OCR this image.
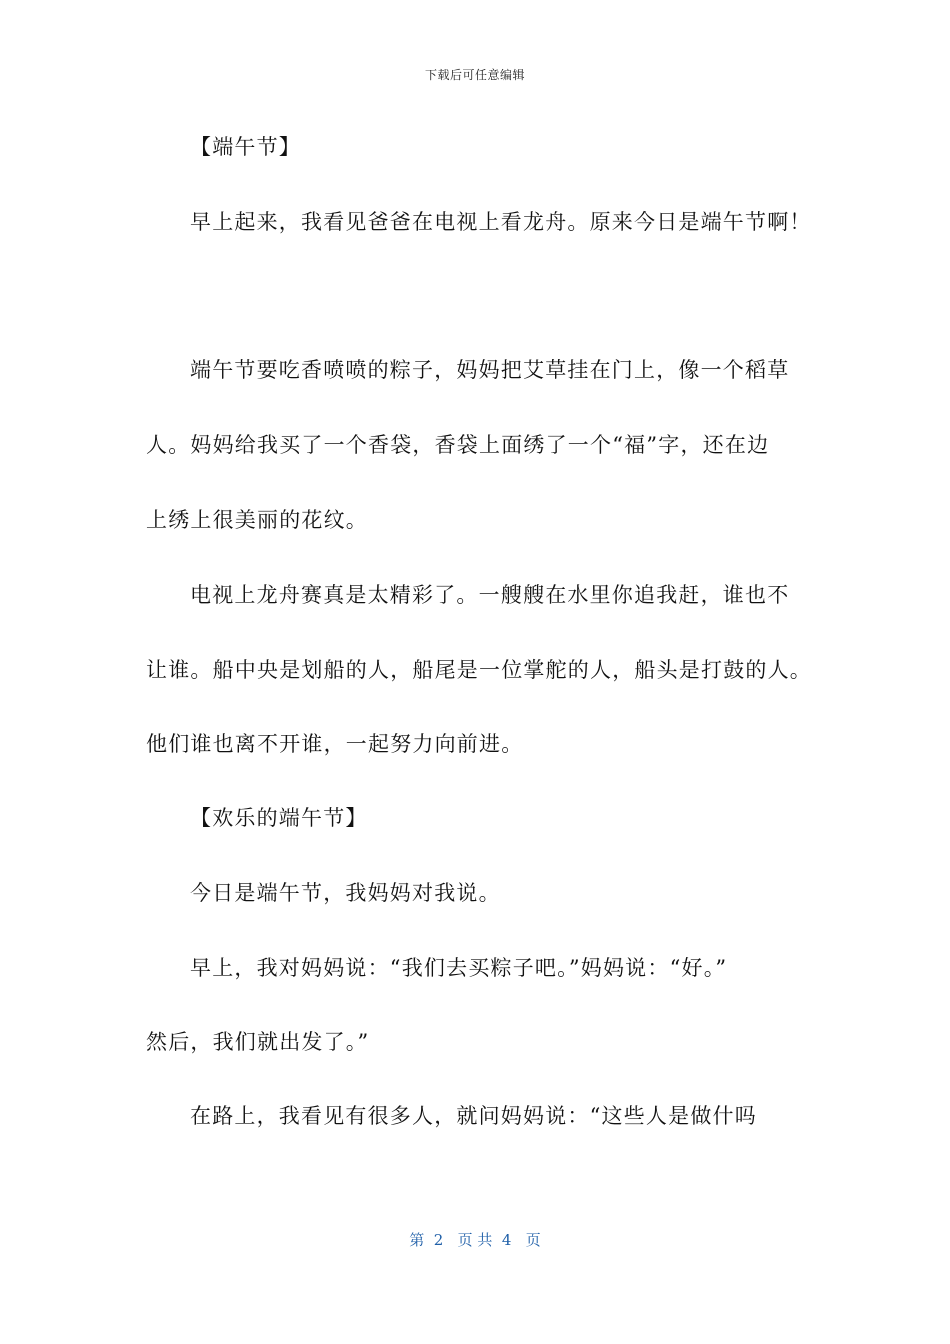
下载后可任意编辑
【端午节】
早上起来，我看见爸爸在电视上看龙舟。原来今日是端午节啊！
端午节要吃香喷喷的粽子，妈妈把艾草挂在门上，像一个稻草
人。妈妈给我买了一个香袋，香袋上面绣了一个“福”字，还在边
上绣上很美丽的花纹。
电视上龙舟赛真是太精彩了。一艘艘在水里你追我赶，谁也不
让谁。船中央是划船的人，船尾是一位掌舵的人，船头是打鼓的人。
他们谁也离不开谁，一起努力向前进。
【欢乐的端午节】
今日是端午节，我妈妈对我说。
早上，我对妈妈说：“我们去买粽子吧。”妈妈说：“好。”
然后，我们就出发了。”
在路上，我看见有很多人，就问妈妈说：“这些人是做什吗
第  2   页 共  4   页
